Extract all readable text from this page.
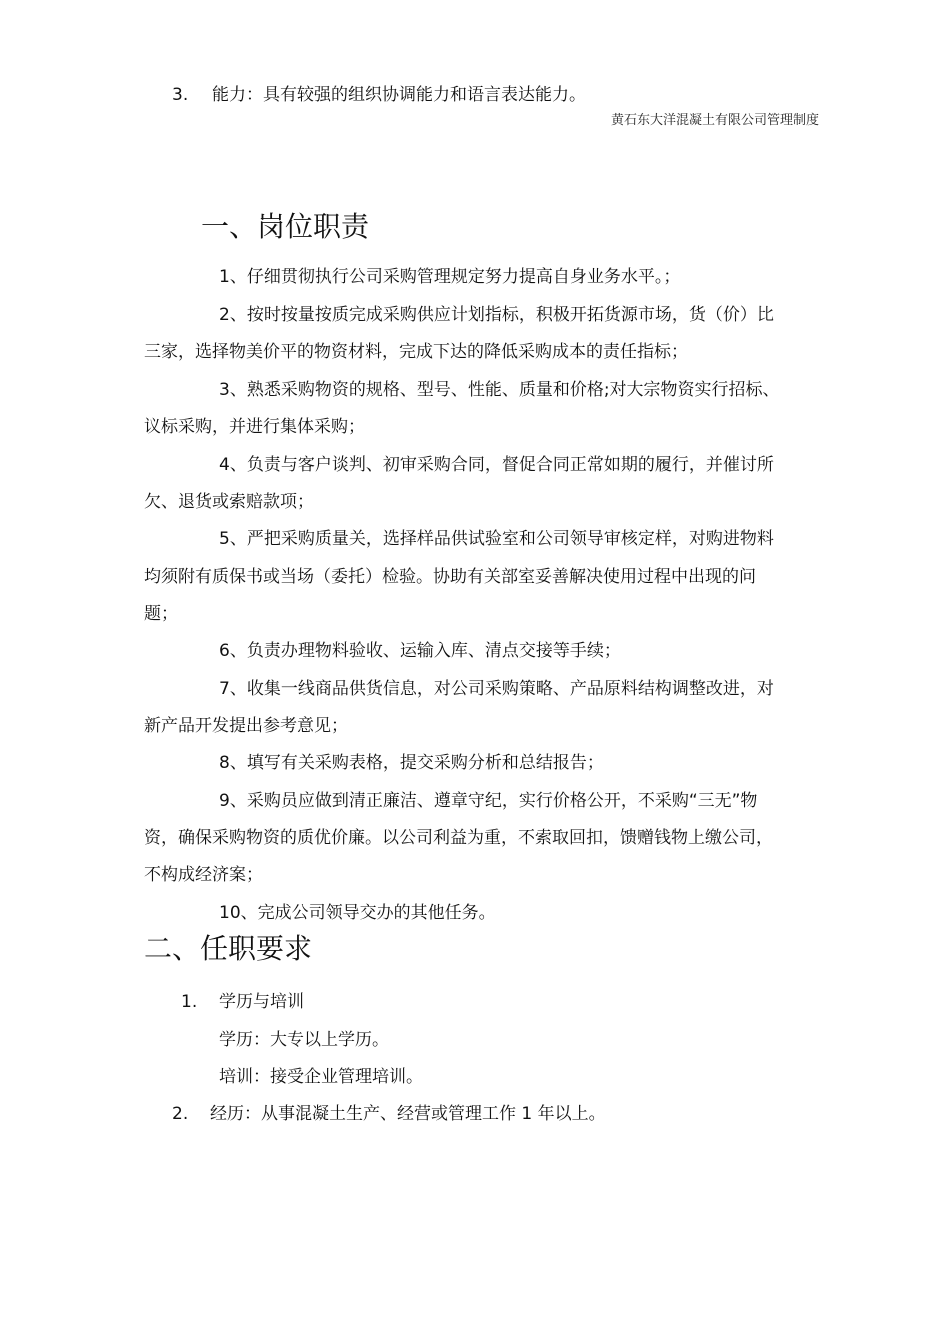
3. 能力：具有较强的组织协调能力和语言表达能力。
黄石东大洋混凝土有限公司管理制度
一、岗位职责
1、仔细贯彻执行公司采购管理规定努力提高自身业务水平。；
2、按时按量按质完成采购供应计划指标，积极开拓货源市场，货（价）比
三家，选择物美价平的物资材料，完成下达的降低采购成本的责任指标；
3、熟悉采购物资的规格、型号、性能、质量和价格;对大宗物资实行招标、
议标采购，并进行集体采购；
4、负责与客户谈判、初审采购合同，督促合同正常如期的履行，并催讨所
欠、退货或索赔款项；
5、严把采购质量关，选择样品供试验室和公司领导审核定样，对购进物料
均须附有质保书或当场（委托）检验。协助有关部室妥善解决使用过程中出现的问
题；
6、负责办理物料验收、运输入库、清点交接等手续；
7、收集一线商品供货信息，对公司采购策略、产品原料结构调整改进，对
新产品开发提出参考意见；
8、填写有关采购表格，提交采购分析和总结报告；
9、采购员应做到清正廉洁、遵章守纪，实行价格公开，不采购“三无”物
资，确保采购物资的质优价廉。以公司利益为重，不索取回扣，馈赠钱物上缴公司，
不构成经济案；
10、完成公司领导交办的其他任务。
二、任职要求
1. 学历与培训
学历：大专以上学历。
培训：接受企业管理培训。
2. 经历：从事混凝土生产、经营或管理工作 1 年以上。
